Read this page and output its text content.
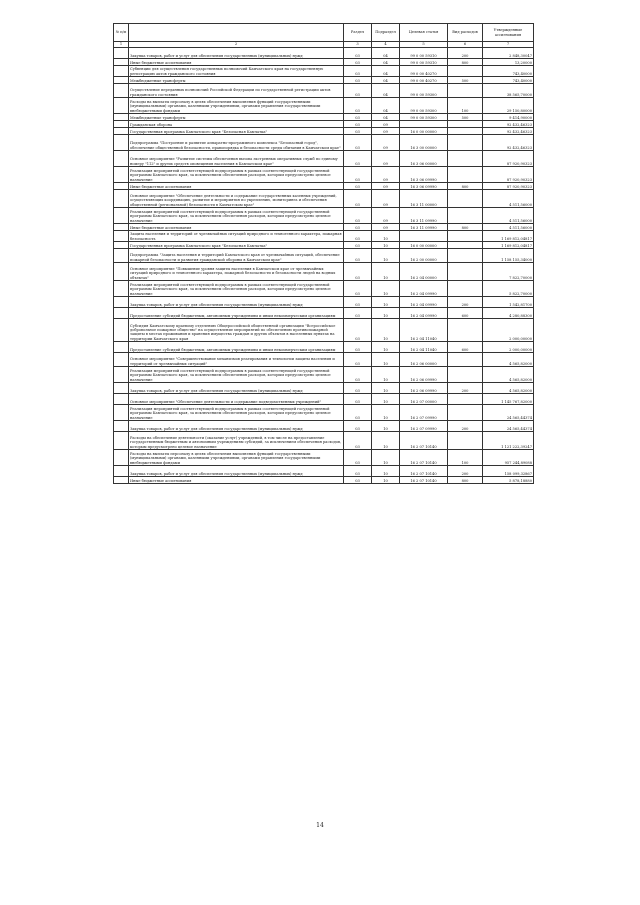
№ п/п		Раздел	Подраздел	Целевая статья	Вид расходов	Утвержденные ассигнования
1	2	3	4	5	6	7
	Закупка товаров, работ и услуг для обеспечения государственных (муниципальных) нужд	03	04	99 0 00 59310	200	2 848,30047
	Иные бюджетные ассигнования	03	04	99 0 00 59310	800	13,20000
	Субвенции для осуществления государственных полномочий Камчатского края на государственную регистрацию актов гражданского состояния	03	04	99 0 00 40270		743,40000
	Межбюджетные трансферты	03	04	99 0 00 40270	500	743,40000
	Осуществление переданных полномочий Российской Федерации по государственной регистрации актов гражданского состояния	03	04	99 0 00 59300		38 565,70000
	Расходы на выплаты персоналу в целях обеспечения выполнения функций государственными (муниципальными) органами, казенными учреждениями, органами управления государственными внебюджетными фондами	03	04	99 0 00 59300	100	29 150,80000
	Межбюджетные трансферты	03	04	99 0 00 59300	500	9 414,90000
	Гражданская оборона	03	09			92 432,46323
	Государственная программа Камчатского края "Безопасная Камчатка"	03	09	16 0 00 00000		92 432,46323
	Подпрограмма "Построение и развитие аппаратно-программного комплекса "Безопасный город", обеспечение общественной безопасности, правопорядка и безопасности среды обитания в Камчатском крае"	03	09	16 3 00 00000		92 432,46323
	Основное мероприятие "Развитие системы обеспечения вызова экстренных оперативных служб по единому номеру "112" и других средств оповещения населения в Камчатском крае"	03	09	16 3 06 00000		87 920,90323
	Реализация мероприятий соответствующей подпрограммы в рамках соответствующей государственной программы Камчатского края, за исключением обеспечения расходов, которым предусмотрено целевое назначение	03	09	16 3 06 09990		87 920,90323
	Иные бюджетные ассигнования	03	09	16 3 06 09990	800	87 920,90323
	Основное мероприятие "Обеспечение деятельности и содержание государственных казенных учреждений, осуществляющих координацию, развитие и мероприятия по укреплению, мониторинга и обеспечения общественной (региональной) безопасности в Камчатском крае"	03	09	16 3 11 00000		4 511,56000
	Реализация мероприятий соответствующей подпрограммы в рамках соответствующей государственной программы Камчатского края, за исключением обеспечения расходов, которым предусмотрено целевое назначение	03	09	16 3 11 09990		4 511,56000
	Иные бюджетные ассигнования	03	09	16 3 11 09990	800	4 511,56000
	Защита населения и территорий от чрезвычайных ситуаций природного и техногенного характера, пожарная безопасность	03	10			1 169 812,04817
	Государственная программа Камчатского края "Безопасная Камчатка"	03	10	16 0 00 00000		1 169 812,04817
	Подпрограмма "Защита населения и территорий Камчатского края от чрезвычайных ситуаций, обеспечение пожарной безопасности и развития гражданской обороны в Камчатском крае"	03	10	16 2 00 00000		1 158 155,34000
	Основное мероприятие "Повышение уровня защиты населения в Камчатском крае от чрезвычайных ситуаций природного и техногенного характера, пожарной безопасности и безопасности людей на водных объектах"	03	10	16 2 04 00000		7 822,70000
	Реализация мероприятий соответствующей подпрограммы в рамках соответствующей государственной программы Камчатского края, за исключением обеспечения расходов, которым предусмотрено целевое назначение	03	10	16 2 04 09990		5 822,70000
	Закупка товаров, работ и услуг для обеспечения государственных (муниципальных) нужд	03	10	16 2 04 09990	200	1 542,81700
	Предоставление субсидий бюджетным, автономным учреждениям и иным некоммерческим организациям	03	10	16 2 04 09990	600	4 280,88300
	Субсидия Камчатскому краевому отделению Общероссийской общественной организации "Всероссийское добровольное пожарное общество" на осуществление мероприятий по обеспечению противопожарной защиты в местах проживания и хранения имущества граждан и других объектов в населенных пунктах на территории Камчатского края	03	10	16 2 04 11040		2 000,00000
	Предоставление субсидий бюджетным, автономным учреждениям и иным некоммерческим организациям	03	10	16 2 04 11040	600	2 000,00000
	Основное мероприятие "Совершенствование механизмов реагирования и технологии защиты населения и территорий от чрезвычайных ситуаций"	03	10	16 2 06 00000		4 565,82000
	Реализация мероприятий соответствующей подпрограммы в рамках соответствующей государственной программы Камчатского края, за исключением обеспечения расходов, которым предусмотрено целевое назначение	03	10	16 2 06 09990		4 565,82000
	Закупка товаров, работ и услуг для обеспечения государственных (муниципальных) нужд	03	10	16 2 06 09990	200	4 565,82000
	Основное мероприятие "Обеспечение деятельности и содержание подведомственных учреждений"	03	10	16 2 07 00000		1 145 767,82000
	Реализация мероприятий соответствующей подпрограммы в рамках соответствующей государственной программы Камчатского края, за исключением обеспечения расходов, которым предусмотрено целевое назначение	03	10	16 2 07 09990		24 565,44374
	Закупка товаров, работ и услуг для обеспечения государственных (муниципальных) нужд	03	10	16 2 07 09990	200	24 565,44374
	Расходы на обеспечение деятельности (оказание услуг) учреждений, в том числе на предоставление государственным бюджетным и автономным учреждениям субсидий, за исключением обеспечения расходов, которым предусмотрено целевое назначение	03	10	16 2 07 10140		1 121 222,39247
	Расходы на выплаты персоналу в целях обеспечения выполнения функций государственными (муниципальными) органами, казенными учреждениями, органами управления государственными внебюджетными фондами	03	10	16 2 07 10140	100	957 244,89088
	Закупка товаров, работ и услуг для обеспечения государственных (муниципальных) нужд	03	10	16 2 07 10140	200	158 099,32867
	Иные бюджетные ассигнования	03	10	16 2 07 10140	800	5 878,18880
14
